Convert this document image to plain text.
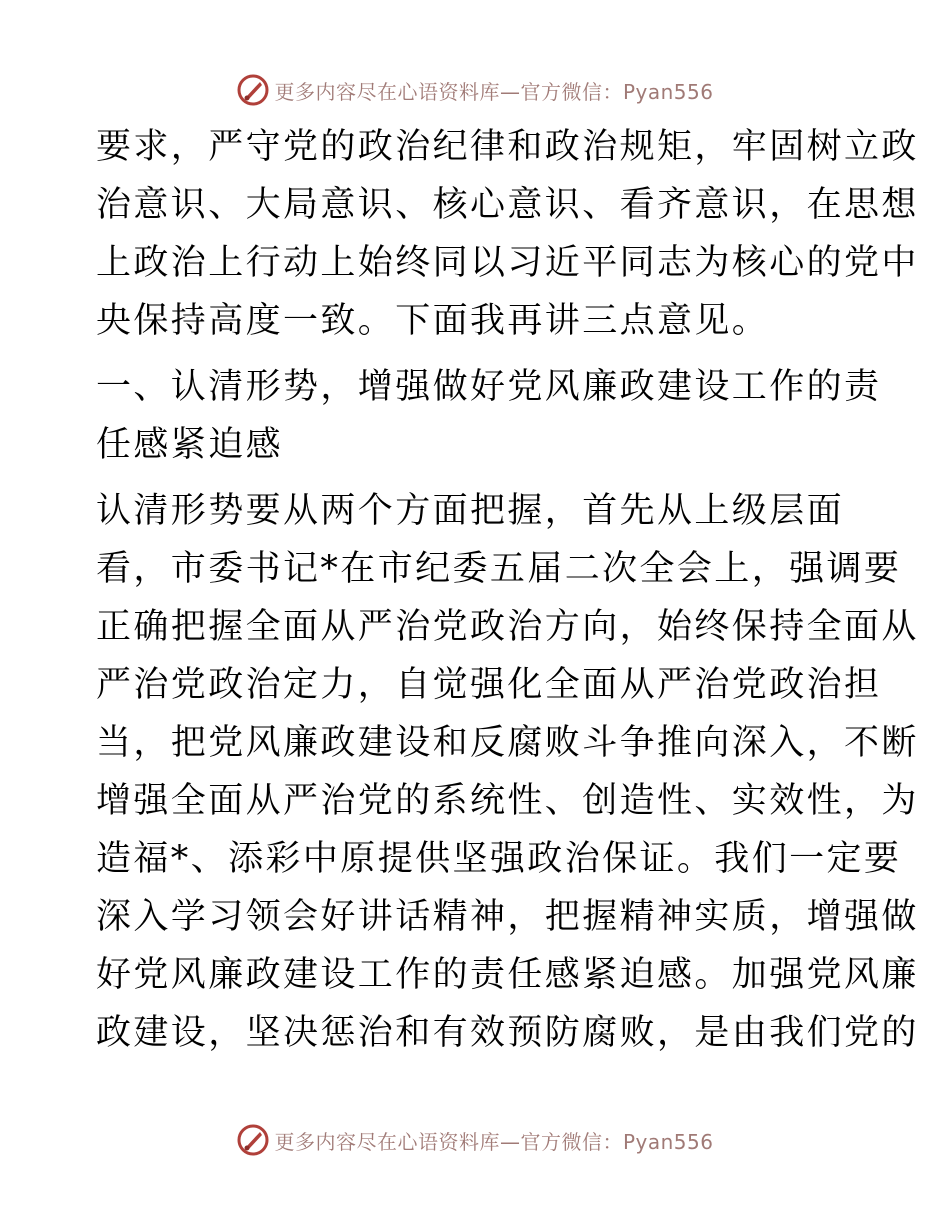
更多内容尽在心语资料库—官方微信：Pyan556
要求，严守党的政治纪律和政治规矩，牢固树立政
治意识、大局意识、核心意识、看齐意识，在思想
上政治上行动上始终同以习近平同志为核心的党中
央保持高度一致。下面我再讲三点意见。
一、认清形势，增强做好党风廉政建设工作的责
任感紧迫感
认清形势要从两个方面把握，首先从上级层面
看，市委书记*在市纪委五届二次全会上，强调要
正确把握全面从严治党政治方向，始终保持全面从
严治党政治定力，自觉强化全面从严治党政治担
当，把党风廉政建设和反腐败斗争推向深入，不断
增强全面从严治党的系统性、创造性、实效性，为
造福*、添彩中原提供坚强政治保证。我们一定要
深入学习领会好讲话精神，把握精神实质，增强做
好党风廉政建设工作的责任感紧迫感。加强党风廉
政建设，坚决惩治和有效预防腐败，是由我们党的
更多内容尽在心语资料库—官方微信：Pyan556
